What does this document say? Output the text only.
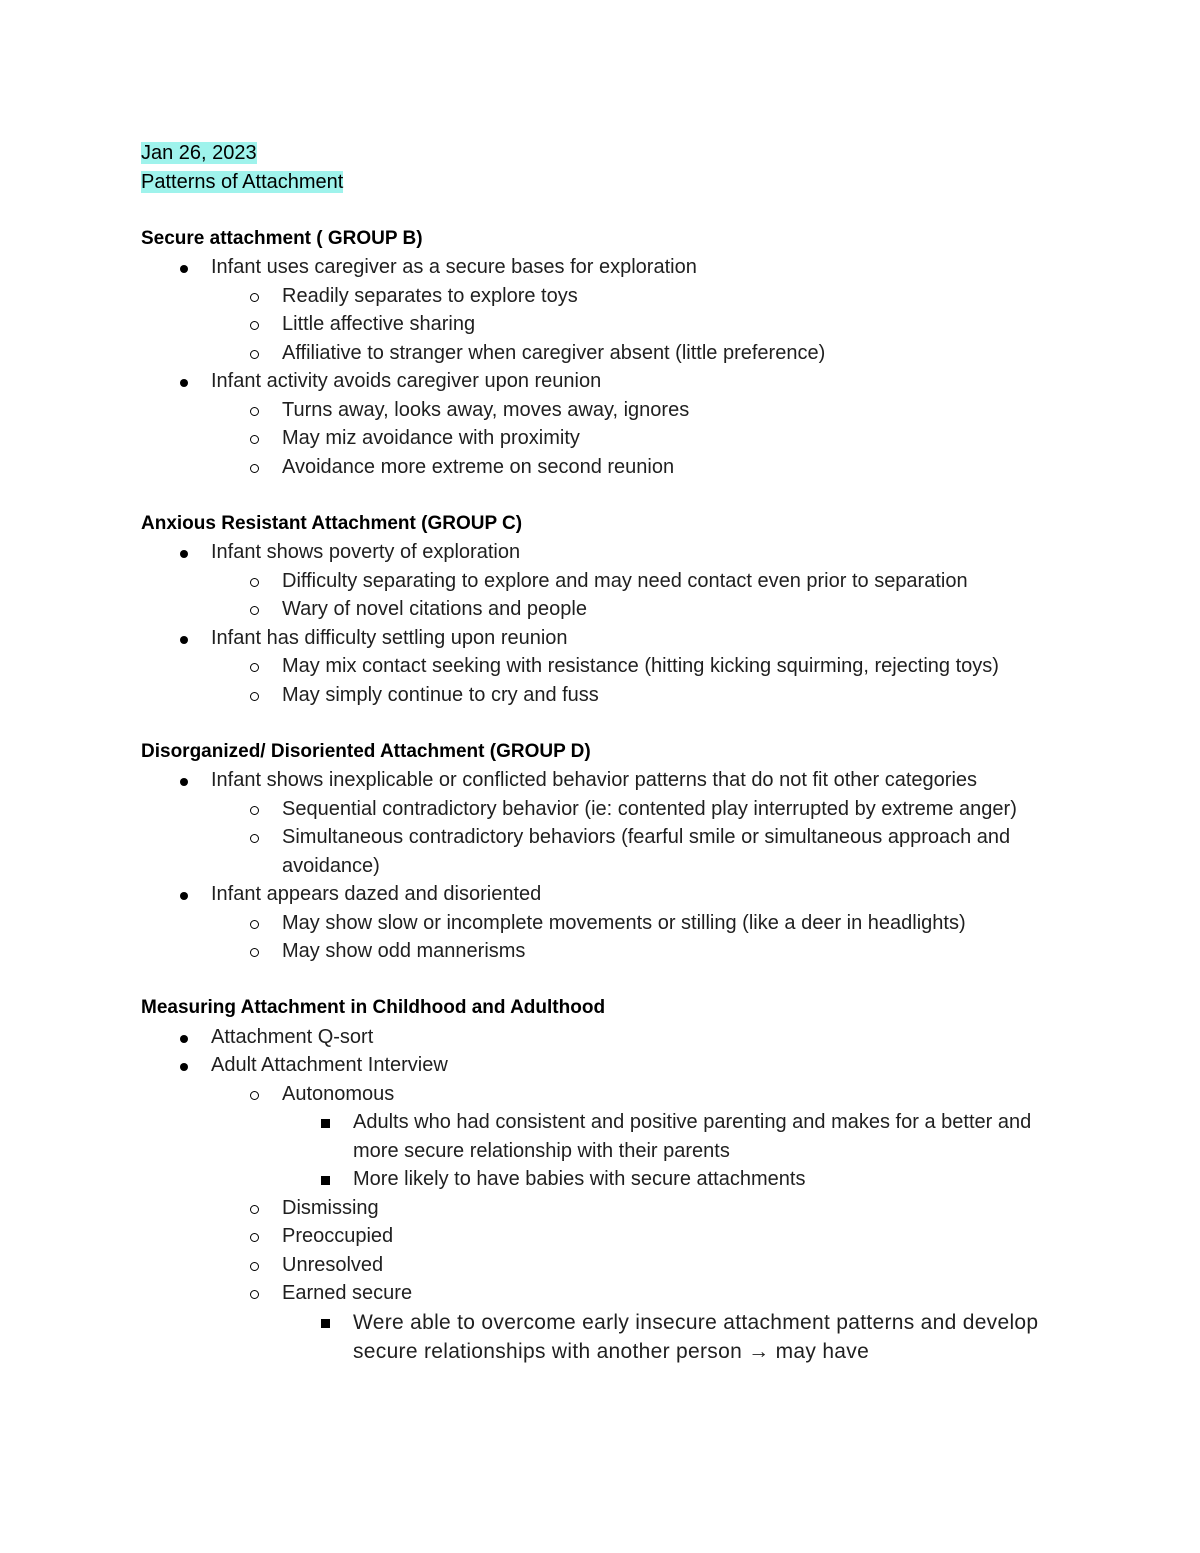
Jan 26, 2023

Patterns of Attachment

Secure attachment ( GROUP B)

Infant uses caregiver as a secure bases for exploration
Readily separates to explore toys
Little affective sharing
Affiliative to stranger when caregiver absent (little preference)
Infant activity avoids caregiver upon reunion
Turns away, looks away, moves away, ignores
May miz avoidance with proximity
Avoidance more extreme on second reunion

Anxious Resistant Attachment (GROUP C)

Infant shows poverty of exploration
Difficulty separating to explore and may need contact even prior to separation
Wary of novel citations and people
Infant has difficulty settling upon reunion
May mix contact seeking with resistance (hitting kicking squirming, rejecting toys)
May simply continue to cry and fuss

Disorganized/ Disoriented Attachment (GROUP D)

Infant shows inexplicable or conflicted behavior patterns that do not fit other categories
Sequential contradictory behavior (ie: contented play interrupted by extreme anger)
Simultaneous contradictory behaviors (fearful smile or simultaneous approach and avoidance)
Infant appears dazed and disoriented
May show slow or incomplete movements or stilling (like a deer in headlights)
May show odd mannerisms

Measuring Attachment in Childhood and Adulthood

Attachment Q-sort
Adult Attachment Interview
Autonomous
Adults who had consistent and positive parenting and makes for a better and more secure relationship with their parents
More likely to have babies with secure attachments
Dismissing
Preoccupied
Unresolved
Earned secure
Were able to overcome early insecure attachment patterns and develop secure relationships with another person → may have
